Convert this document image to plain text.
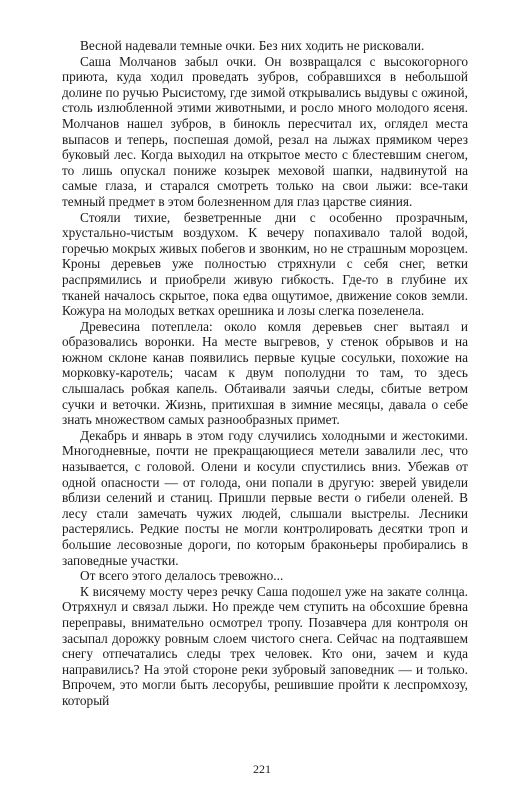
Весной надевали темные очки. Без них ходить не рисковали.

Саша Молчанов забыл очки. Он возвращался с высокогорного приюта, куда ходил проведать зубров, собравшихся в небольшой долине по ручью Рысистому, где зимой открывались выдувы с ожиной, столь излюбленной этими животными, и росло много молодого ясеня. Молчанов нашел зубров, в бинокль пересчитал их, оглядел места выпасов и теперь, поспешая домой, резал на лыжах прямиком через буковый лес. Когда выходил на открытое место с блестевшим снегом, то лишь опускал пониже козырек меховой шапки, надвинутой на самые глаза, и старался смотреть только на свои лыжи: все-таки темный предмет в этом болезненном для глаз царстве сияния.

Стояли тихие, безветренные дни с особенно прозрачным, хрустально-чистым воздухом. К вечеру попахивало талой водой, горечью мокрых живых побегов и звонким, но не страшным морозцем. Кроны деревьев уже полностью стряхнули с себя снег, ветки распрямились и приобрели живую гибкость. Где-то в глубине их тканей началось скрытое, пока едва ощутимое, движение соков земли. Кожура на молодых ветках орешника и лозы слегка позеленела.

Древесина потеплела: около комля деревьев снег вытаял и образовались воронки. На месте выгревов, у стенок обрывов и на южном склоне канав появились первые куцые сосульки, похожие на морковку-каротель; часам к двум пополудни то там, то здесь слышалась робкая капель. Обтаивали заячьи следы, сбитые ветром сучки и веточки. Жизнь, притихшая в зимние месяцы, давала о себе знать множеством самых разнообразных примет.

Декабрь и январь в этом году случились холодными и жестокими. Многодневные, почти не прекращающиеся метели завалили лес, что называется, с головой. Олени и косули спустились вниз. Убежав от одной опасности — от голода, они попали в другую: зверей увидели вблизи селений и станиц. Пришли первые вести о гибели оленей. В лесу стали замечать чужих людей, слышали выстрелы. Лесники растерялись. Редкие посты не могли контролировать десятки троп и большие лесовозные дороги, по которым браконьеры пробирались в заповедные участки.

От всего этого делалось тревожно...

К висячему мосту через речку Саша подошел уже на закате солнца. Отряхнул и связал лыжи. Но прежде чем ступить на обсохшие бревна переправы, внимательно осмотрел тропу. Позавчера для контроля он засыпал дорожку ровным слоем чистого снега. Сейчас на подтаявшем снегу отпечатались следы трех человек. Кто они, зачем и куда направились? На этой стороне реки зубровый заповедник — и только. Впрочем, это могли быть лесорубы, решившие пройти к леспромхозу, который

221
